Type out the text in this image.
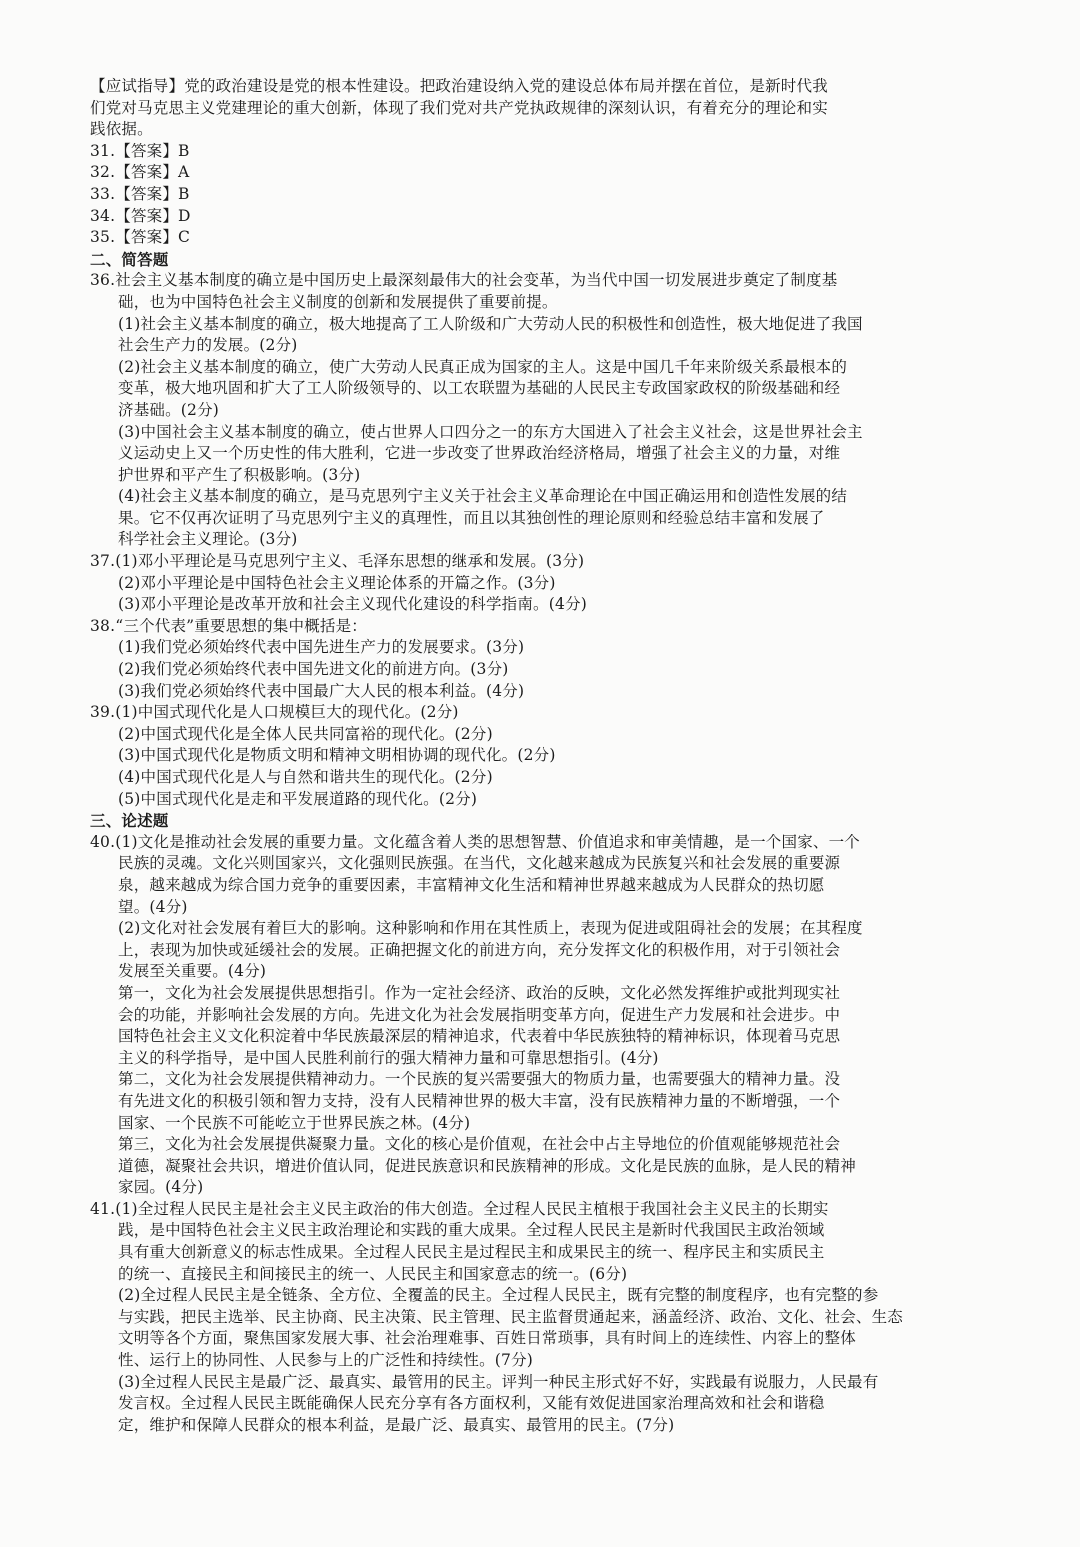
【应试指导】党的政治建设是党的根本性建设。把政治建设纳入党的建设总体布局并摆在首位，是新时代我
们党对马克思主义党建理论的重大创新，体现了我们党对共产党执政规律的深刻认识，有着充分的理论和实
践依据。
31.【答案】B
32.【答案】A
33.【答案】B
34.【答案】D
35.【答案】C
二、简答题
36.社会主义基本制度的确立是中国历史上最深刻最伟大的社会变革，为当代中国一切发展进步奠定了制度基
础，也为中国特色社会主义制度的创新和发展提供了重要前提。
(1)社会主义基本制度的确立，极大地提高了工人阶级和广大劳动人民的积极性和创造性，极大地促进了我国
社会生产力的发展。(2分)
(2)社会主义基本制度的确立，使广大劳动人民真正成为国家的主人。这是中国几千年来阶级关系最根本的
变革，极大地巩固和扩大了工人阶级领导的、以工农联盟为基础的人民民主专政国家政权的阶级基础和经
济基础。(2分)
(3)中国社会主义基本制度的确立，使占世界人口四分之一的东方大国进入了社会主义社会，这是世界社会主
义运动史上又一个历史性的伟大胜利，它进一步改变了世界政治经济格局，增强了社会主义的力量，对维
护世界和平产生了积极影响。(3分)
(4)社会主义基本制度的确立，是马克思列宁主义关于社会主义革命理论在中国正确运用和创造性发展的结
果。它不仅再次证明了马克思列宁主义的真理性，而且以其独创性的理论原则和经验总结丰富和发展了
科学社会主义理论。(3分)
37.(1)邓小平理论是马克思列宁主义、毛泽东思想的继承和发展。(3分)
(2)邓小平理论是中国特色社会主义理论体系的开篇之作。(3分)
(3)邓小平理论是改革开放和社会主义现代化建设的科学指南。(4分)
38.“三个代表”重要思想的集中概括是：
(1)我们党必须始终代表中国先进生产力的发展要求。(3分)
(2)我们党必须始终代表中国先进文化的前进方向。(3分)
(3)我们党必须始终代表中国最广大人民的根本利益。(4分)
39.(1)中国式现代化是人口规模巨大的现代化。(2分)
(2)中国式现代化是全体人民共同富裕的现代化。(2分)
(3)中国式现代化是物质文明和精神文明相协调的现代化。(2分)
(4)中国式现代化是人与自然和谐共生的现代化。(2分)
(5)中国式现代化是走和平发展道路的现代化。(2分)
三、论述题
40.(1)文化是推动社会发展的重要力量。文化蕴含着人类的思想智慧、价值追求和审美情趣，是一个国家、一个
民族的灵魂。文化兴则国家兴，文化强则民族强。在当代，文化越来越成为民族复兴和社会发展的重要源
泉，越来越成为综合国力竞争的重要因素，丰富精神文化生活和精神世界越来越成为人民群众的热切愿
望。(4分)
(2)文化对社会发展有着巨大的影响。这种影响和作用在其性质上，表现为促进或阻碍社会的发展；在其程度
上，表现为加快或延缓社会的发展。正确把握文化的前进方向，充分发挥文化的积极作用，对于引领社会
发展至关重要。(4分)
第一，文化为社会发展提供思想指引。作为一定社会经济、政治的反映，文化必然发挥维护或批判现实社
会的功能，并影响社会发展的方向。先进文化为社会发展指明变革方向，促进生产力发展和社会进步。中
国特色社会主义文化积淀着中华民族最深层的精神追求，代表着中华民族独特的精神标识，体现着马克思
主义的科学指导，是中国人民胜利前行的强大精神力量和可靠思想指引。(4分)
第二，文化为社会发展提供精神动力。一个民族的复兴需要强大的物质力量，也需要强大的精神力量。没
有先进文化的积极引领和智力支持，没有人民精神世界的极大丰富，没有民族精神力量的不断增强，一个
国家、一个民族不可能屹立于世界民族之林。(4分)
第三，文化为社会发展提供凝聚力量。文化的核心是价值观，在社会中占主导地位的价值观能够规范社会
道德，凝聚社会共识，增进价值认同，促进民族意识和民族精神的形成。文化是民族的血脉，是人民的精神
家园。(4分)
41.(1)全过程人民民主是社会主义民主政治的伟大创造。全过程人民民主植根于我国社会主义民主的长期实
践，是中国特色社会主义民主政治理论和实践的重大成果。全过程人民民主是新时代我国民主政治领域
具有重大创新意义的标志性成果。全过程人民民主是过程民主和成果民主的统一、程序民主和实质民主
的统一、直接民主和间接民主的统一、人民民主和国家意志的统一。(6分)
(2)全过程人民民主是全链条、全方位、全覆盖的民主。全过程人民民主，既有完整的制度程序，也有完整的参
与实践，把民主选举、民主协商、民主决策、民主管理、民主监督贯通起来，涵盖经济、政治、文化、社会、生态
文明等各个方面，聚焦国家发展大事、社会治理难事、百姓日常琐事，具有时间上的连续性、内容上的整体
性、运行上的协同性、人民参与上的广泛性和持续性。(7分)
(3)全过程人民民主是最广泛、最真实、最管用的民主。评判一种民主形式好不好，实践最有说服力，人民最有
发言权。全过程人民民主既能确保人民充分享有各方面权利，又能有效促进国家治理高效和社会和谐稳
定，维护和保障人民群众的根本利益，是最广泛、最真实、最管用的民主。(7分)
